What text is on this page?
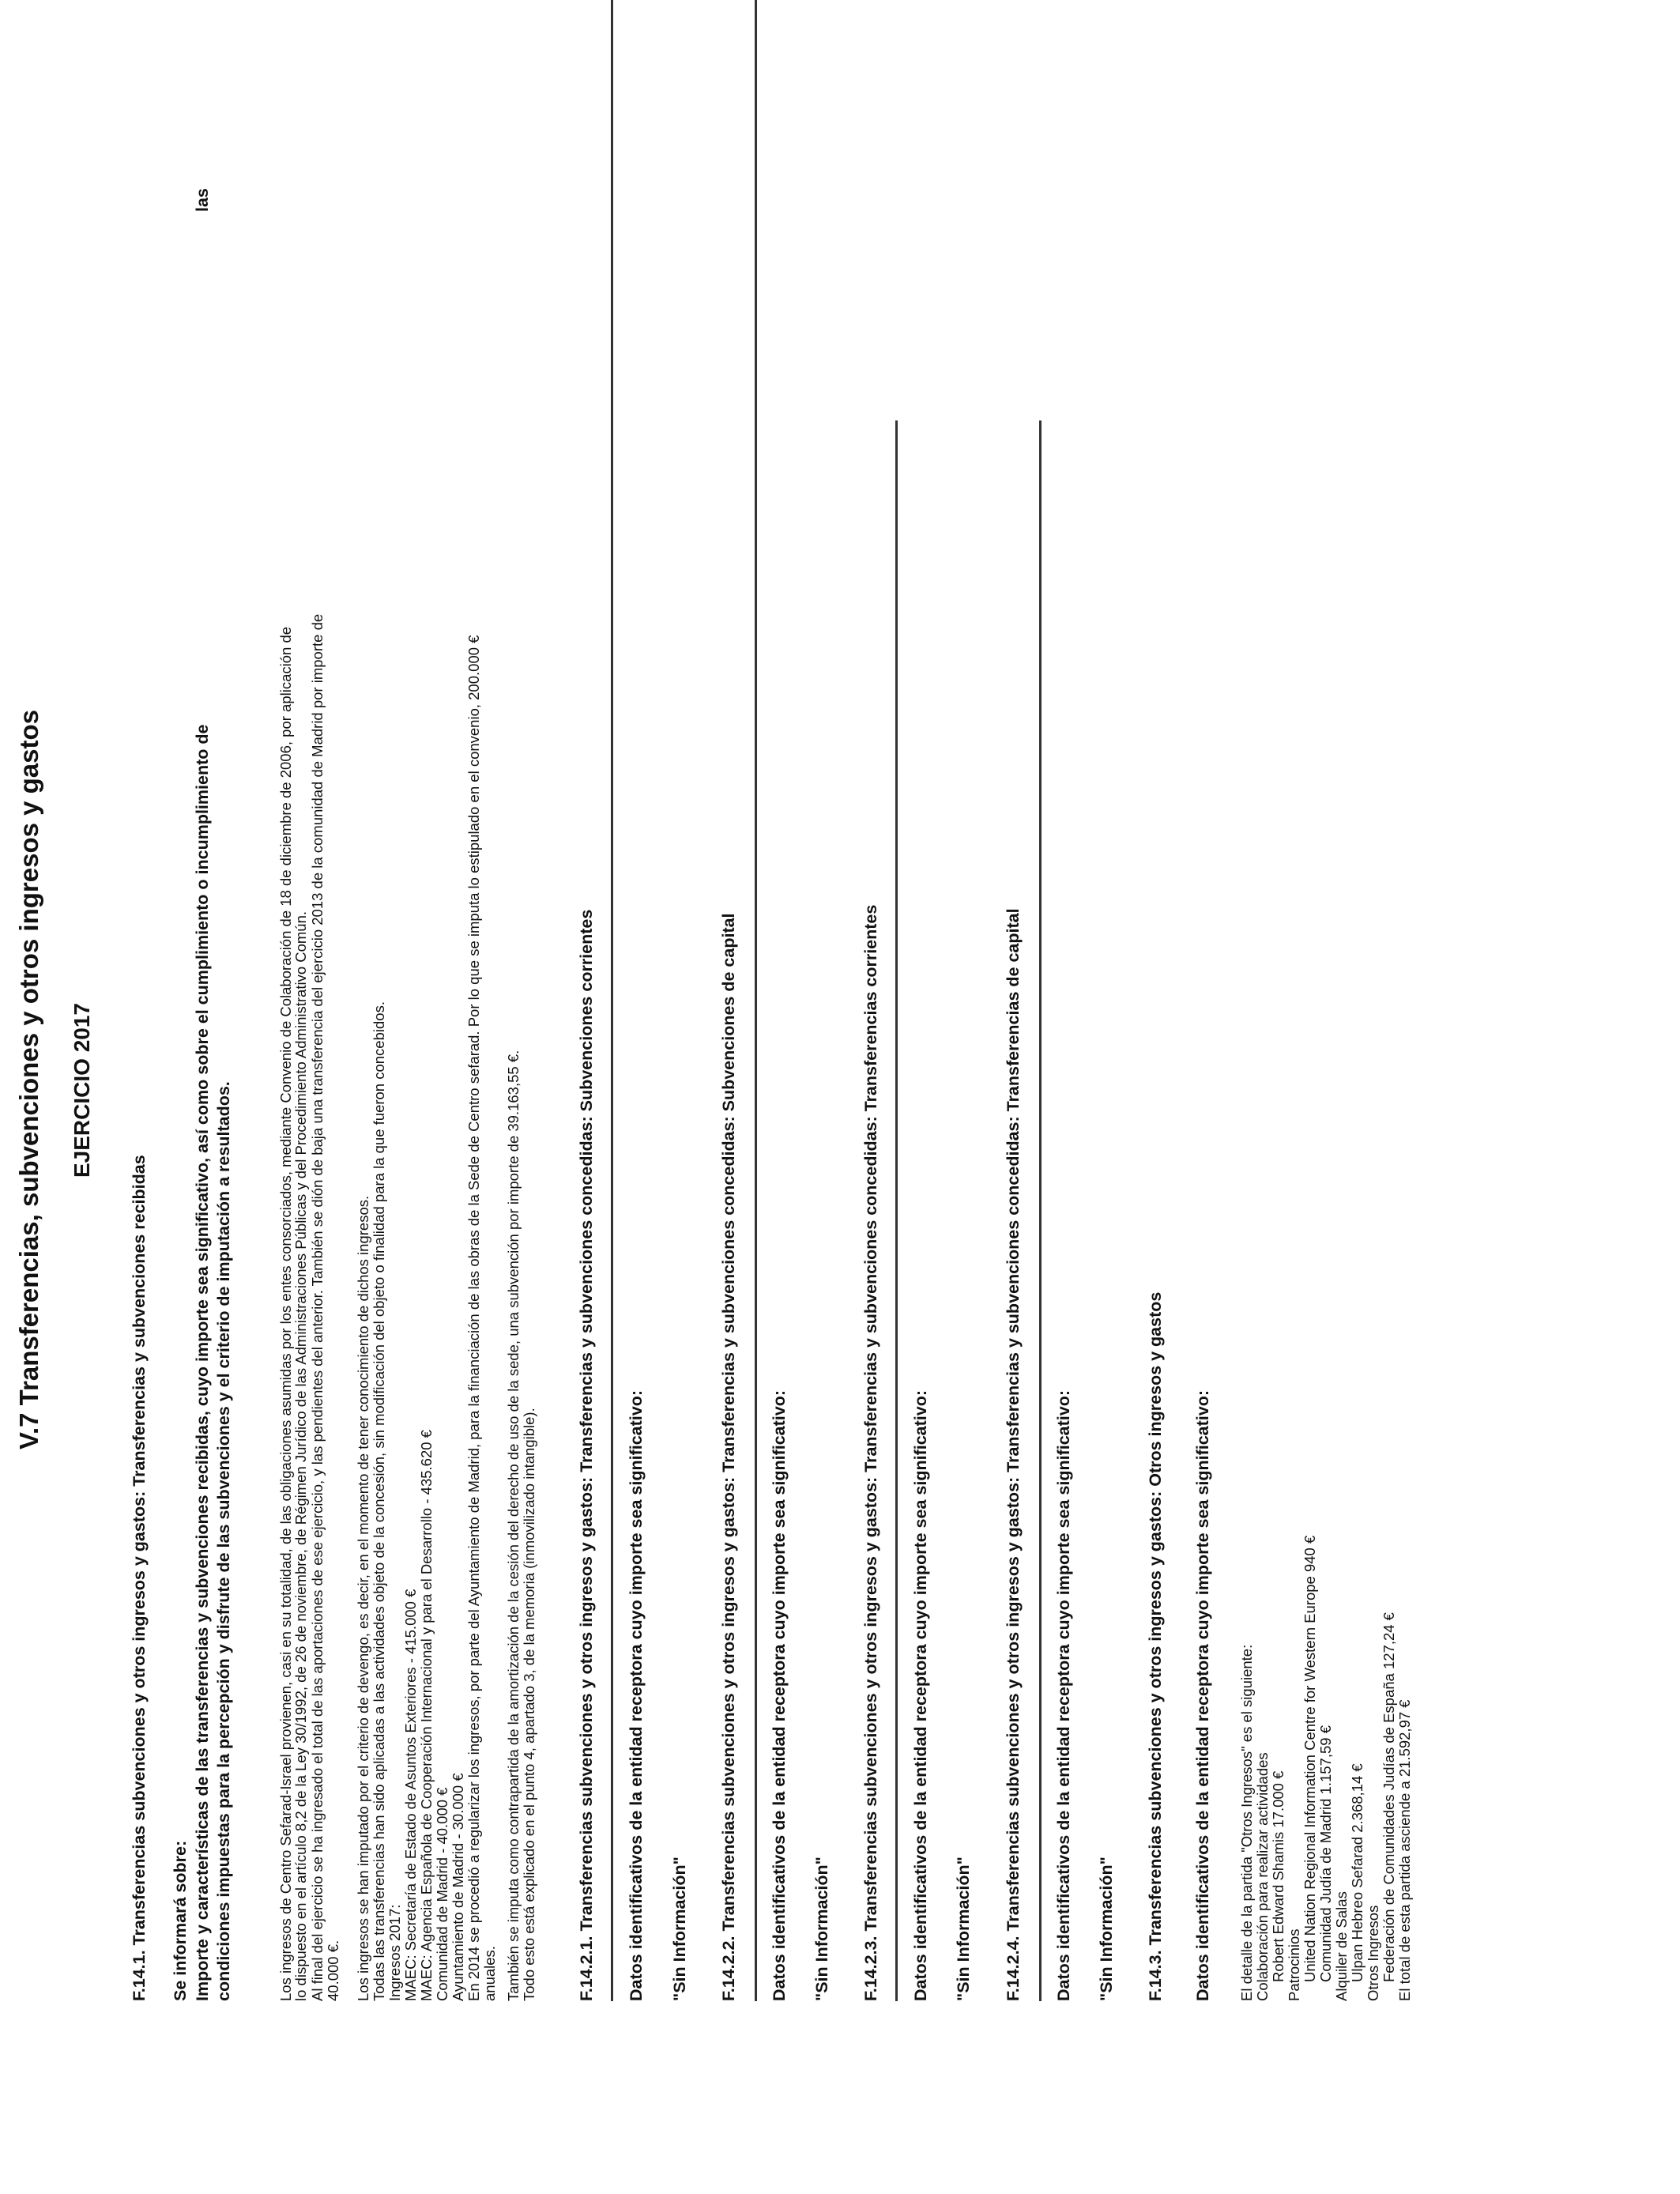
V.7 Transferencias, subvenciones y otros ingresos y gastos EJERCICIO 2017
F.14.1. Transferencias subvenciones y otros ingresos y gastos: Transferencias y subvenciones recibidas Se informará sobre: Importe y características de las transferencias y subvenciones recibidas, cuyo importe sea significativo, así como sobre el cumplimiento o incumplimiento de
las
condiciones impuestas para la percepción y disfrute de las subvenciones y el criterio de imputación a resultados.	Los ingresos de Centro Sefarad-Israel provienen, casi en su totalidad, de las obligaciones asumidas por los entes consorciados, mediante Convenio de Colaboración de 18 de diciembre de 2006, por aplicación de
lo dispuesto en el artículo 8,2 de la Ley 30/1992, de 26 de noviembre, de Régimen Jurídico de las Administraciones Públicas y del Procedimiento Administrativo Común. Al final del ejercicio se ha ingresado el total de las aportaciones de ese ejercicio, y las pendientes del anterior. También se dión de baja una transferencia del ejercicio 2013 de la comunidad de Madrid por importe de 40.000 €. Los ingresos se han imputado por el criterio de devengo, es decir, en el momento de tener conocimiento de dichos ingresos. Todas las transferencias han sido aplicadas a las actividades objeto de la concesión, sin modificación del objeto o finalidad para la que fueron concebidos. Ingresos 2017: MAEC: Secretaría de Estado de Asuntos Exteriores - 415.000 € MAEC: Agencia Española de Cooperación Internacional y para el Desarrollo - 435.620 € Comunidad de Madrid - 40.000 € Ayuntamiento de Madrid - 30.000 € En 2014 se procedió a regularizar los ingresos, por parte del Ayuntamiento de Madrid, para la financiación de las obras de la Sede de Centro sefarad. Por lo que se imputa lo estipulado en el convenio, 200.000 € anuales. También se imputa como contrapartida de la amortización de la cesión del derecho de uso de la sede, una subvención por importe de 39.163,55 €. Todo esto está explicado en el punto 4, apartado 3, de la memoria (inmovilizado intangible). F.14.2.1. Transferencias subvenciones y otros ingresos y gastos: Transferencias y subvenciones concedidas: Subvenciones corrientes Datos identificativos de la entidad receptora cuyo importe sea significativo: "Sin Información" F.14.2.2. Transferencias subvenciones y otros ingresos y gastos: Transferencias y subvenciones concedidas: Subvenciones de capital Datos identificativos de la entidad receptora cuyo importe sea significativo: "Sin Información" F.14.2.3. Transferencias subvenciones y otros ingresos y gastos: Transferencias y subvenciones concedidas: Transferencias corrientes Datos identificativos de la entidad receptora cuyo importe sea significativo: "Sin Información" F.14.2.4. Transferencias subvenciones y otros ingresos y gastos: Transferencias y subvenciones concedidas: Transferencias de capital Datos identificativos de la entidad receptora cuyo importe sea significativo: "Sin Información" F.14.3. Transferencias subvenciones y otros ingresos y gastos: Otros ingresos y gastos Datos identificativos de la entidad receptora cuyo importe sea significativo: El detalle de la partida "Otros Ingresos" es el siguiente: Colaboración para realizar actividades Robert Edward Shamis 17.000 € Patrocinios United Nation Regional Information Centre for Western Europe 940 € Comunidad Judía de Madrid 1.157,59 € Alquiler de Salas Ulpan Hebreo Sefarad 2.368,14 € Otros Ingresos Federación de Comunidades Judías de España 127,24 € El total de esta partida asciende a 21.592,97 €
